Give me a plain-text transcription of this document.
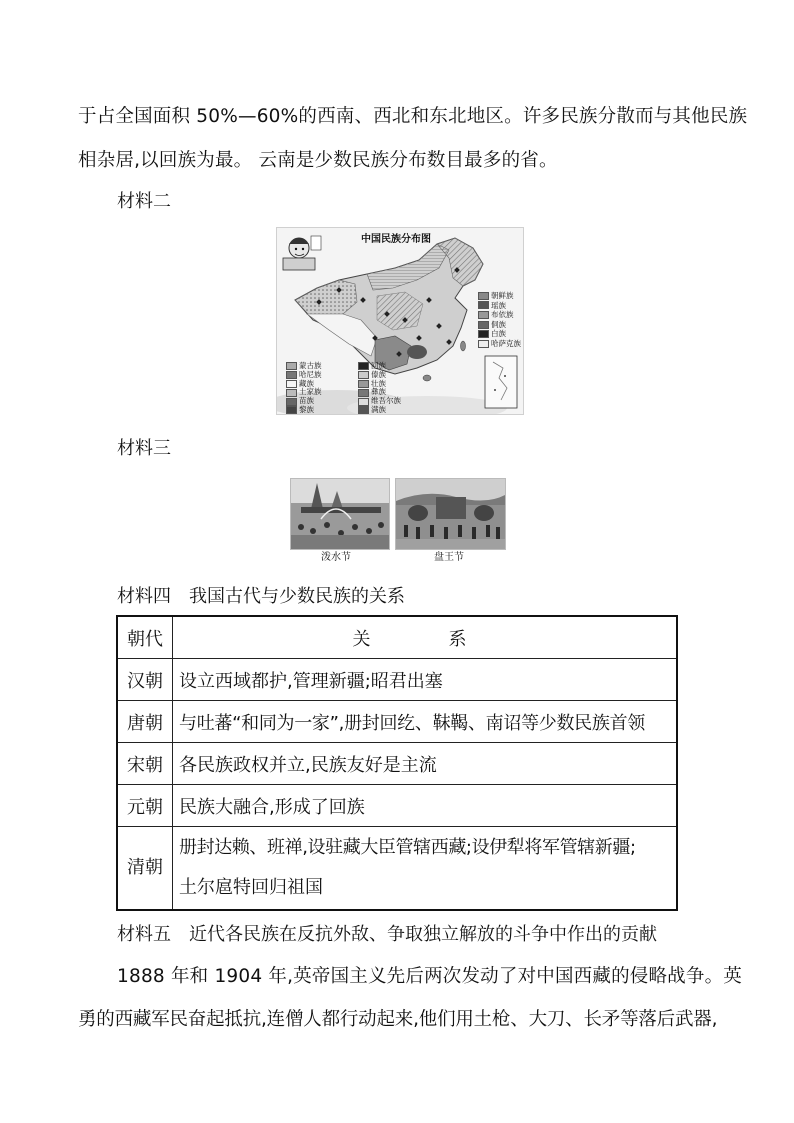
于占全国面积 50%—60%的西南、西北和东北地区。许多民族分散而与其他民族
相杂居,以回族为最。 云南是少数民族分布数目最多的省。
材料二
中国民族分布图
朝鲜族
瑶族
布依族
侗族
白族
哈萨克族
蒙古族
哈尼族
藏族
土家族
苗族
黎族
回族
傣族
壮族
彝族
维吾尔族
满族
材料三
泼水节	盘王节
材料四　我国古代与少数民族的关系
朝代	关　系
汉朝	设立西域都护,管理新疆;昭君出塞
唐朝	与吐蕃“和同为一家”,册封回纥、靺鞨、南诏等少数民族首领
宋朝	各民族政权并立,民族友好是主流
元朝	民族大融合,形成了回族
清朝	册封达赖、班禅,设驻藏大臣管辖西藏;设伊犁将军管辖新疆;
土尔扈特回归祖国
材料五　近代各民族在反抗外敌、争取独立解放的斗争中作出的贡献
1888 年和 1904 年,英帝国主义先后两次发动了对中国西藏的侵略战争。英
勇的西藏军民奋起抵抗,连僧人都行动起来,他们用土枪、大刀、长矛等落后武器,
